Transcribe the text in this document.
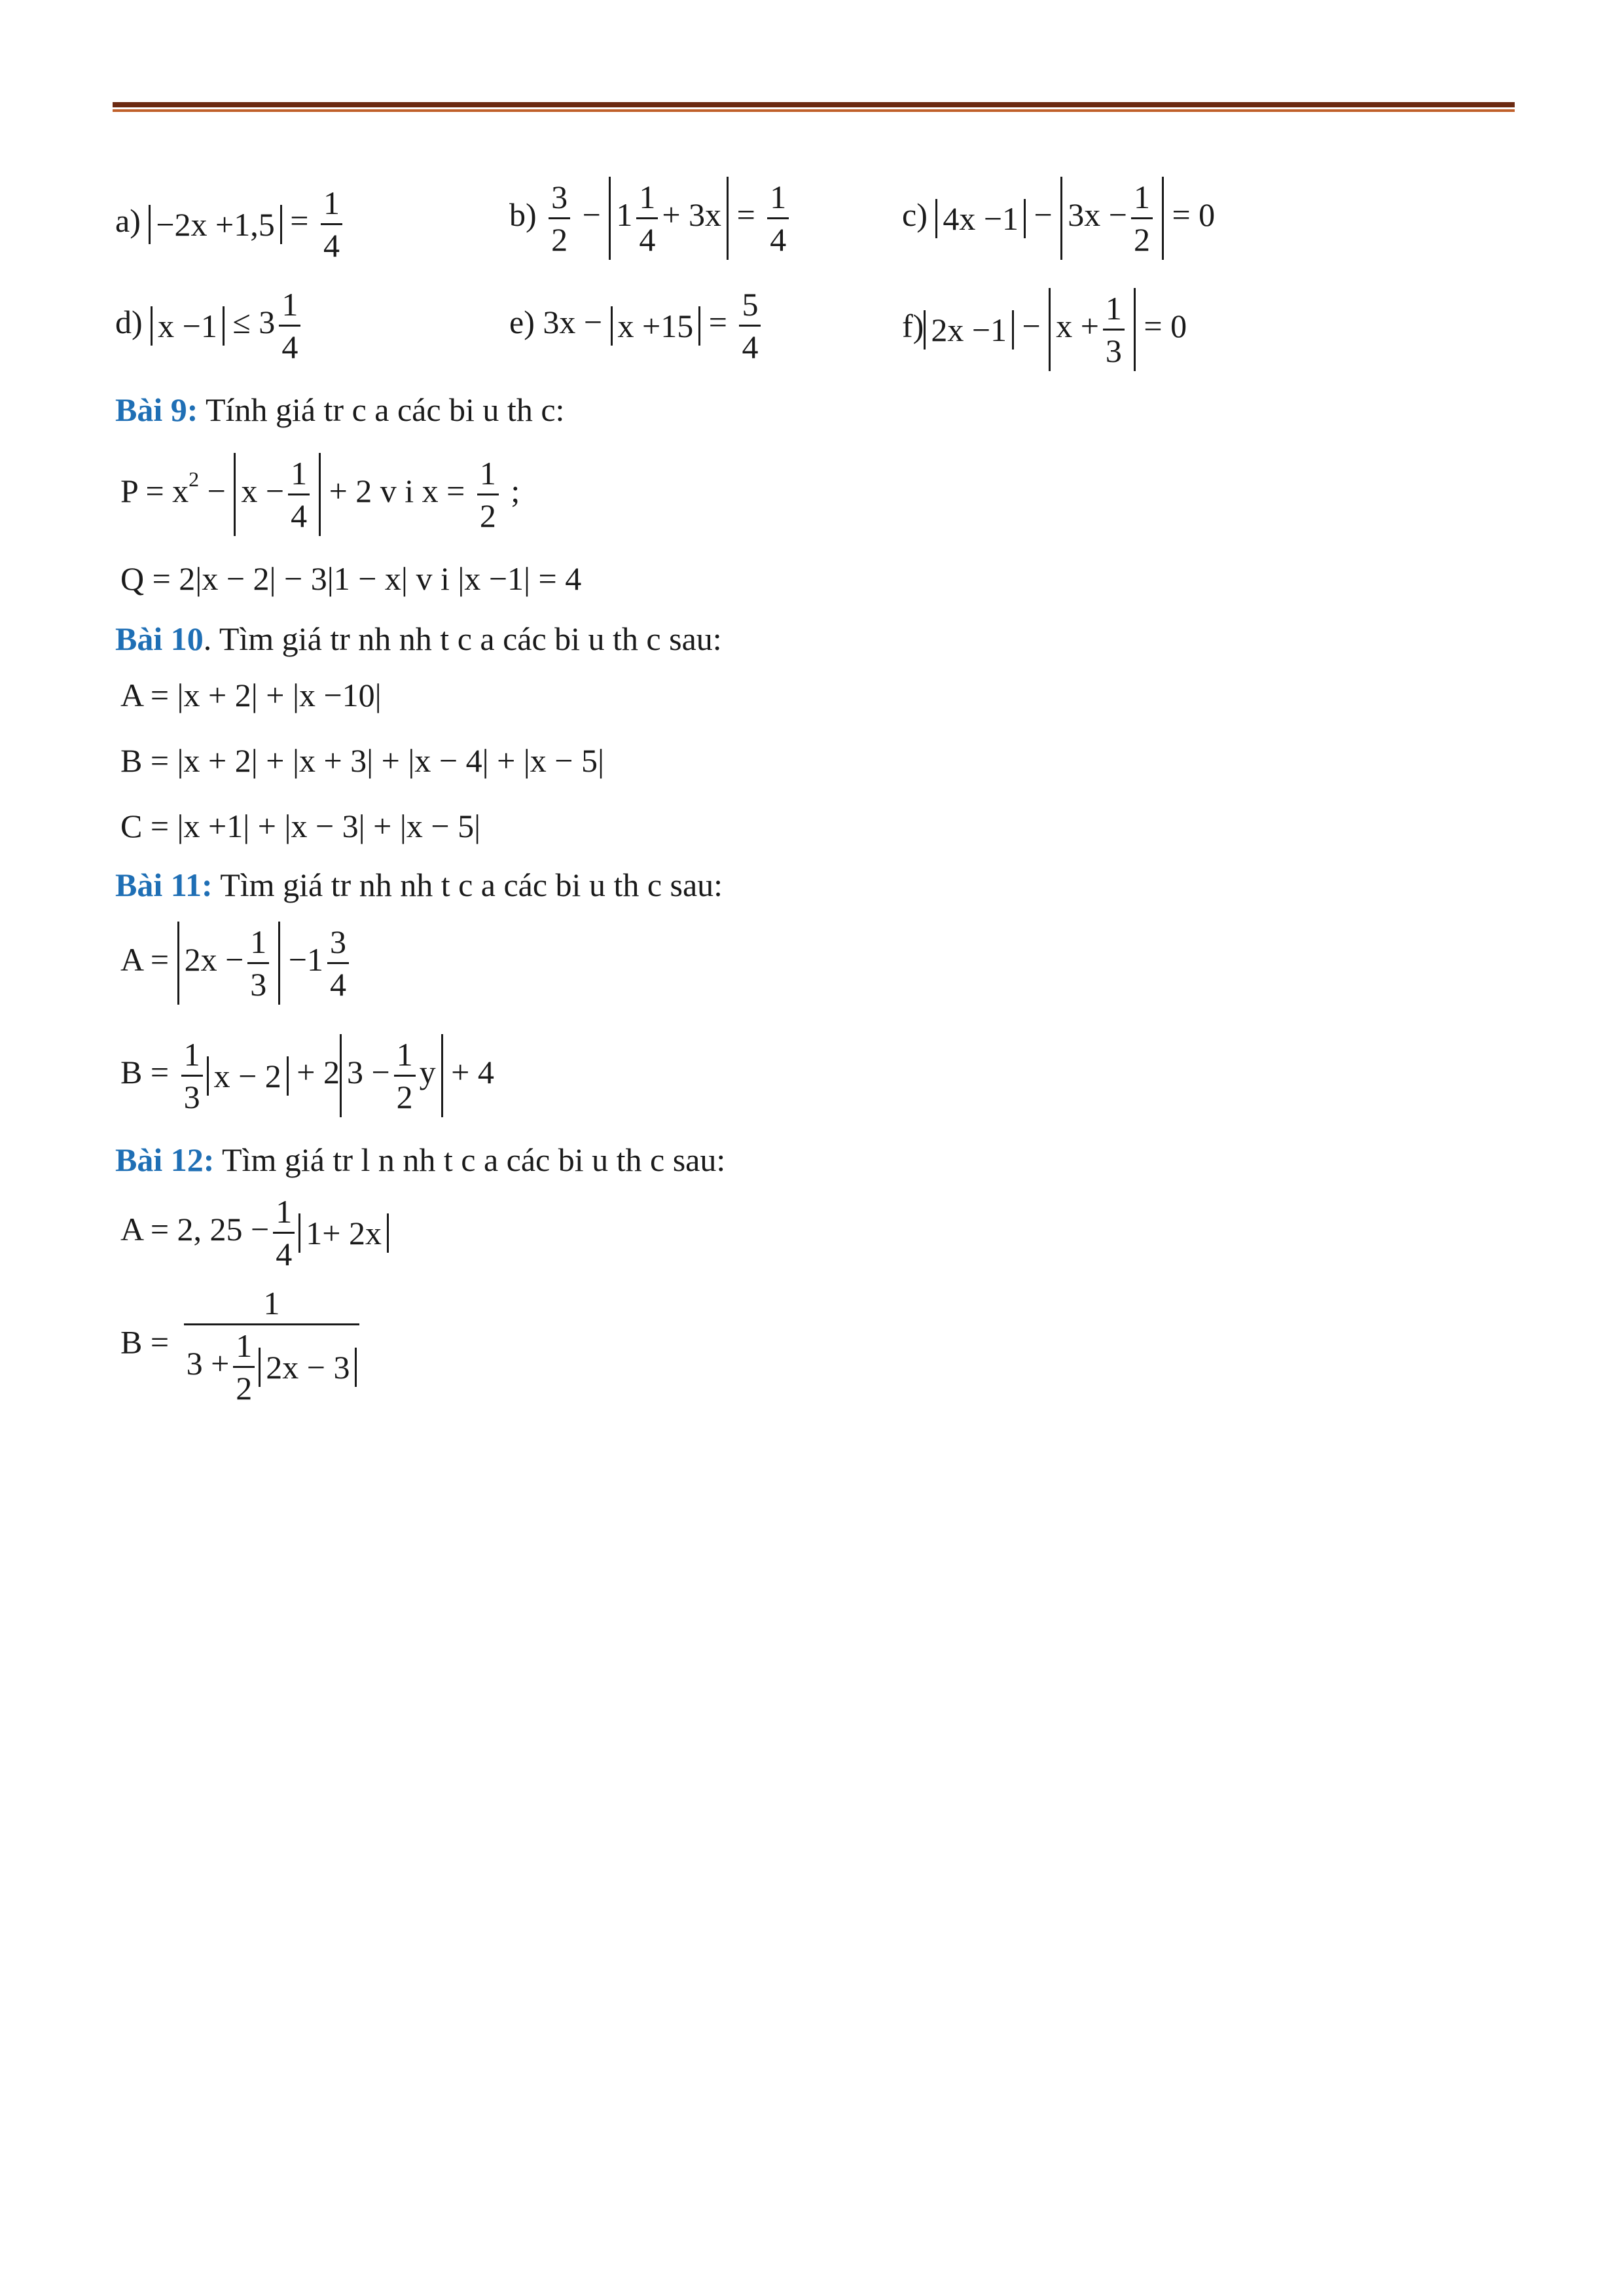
$a) -2x +1,5 = \frac{1}{4}$	$b) \frac{3}{2} - 1 \frac{1}{4} + 3x = \frac{1}{4}$	c) $4x -1 - 3x - \frac{1}{2} = 0$
d) $x -1 \le 3 \frac{1}{4}$	e) $3x - x +15 = \frac{5}{4}$	f) $2x -1 - x + \frac{1}{3} = 0$
Bài 9: Tính giá tr c a các bi u th c:
$P = x^2 - x - \frac{1}{4} + 2$ v i $x = \frac{1}{2}$ ;
Q = 2|x − 2| − 3|1 − x| v i |x −1| = 4
Bài 10. Tìm giá tr nh nh t c a các bi u th c sau:
A = |x + 2| + |x −10|
B = |x + 2| + |x + 3| + |x − 4| + |x − 5|
C = |x +1| + |x − 3| + |x − 5|
Bài 11: Tìm giá tr nh nh t c a các bi u th c sau:
$A = 2x - \frac{1}{3} -1 \frac{3}{4}$
$B = \frac{1}{3}$ x − 2 + 2 $3 - \frac{1}{2}$ y + 4
Bài 12: Tìm giá tr l n nh t c a các bi u th c sau:
A = 2, $25 - \frac{1}{4} 1+ 2x$
$B = \frac{1}{3 + \frac{1}{2} 2x - 3}$
